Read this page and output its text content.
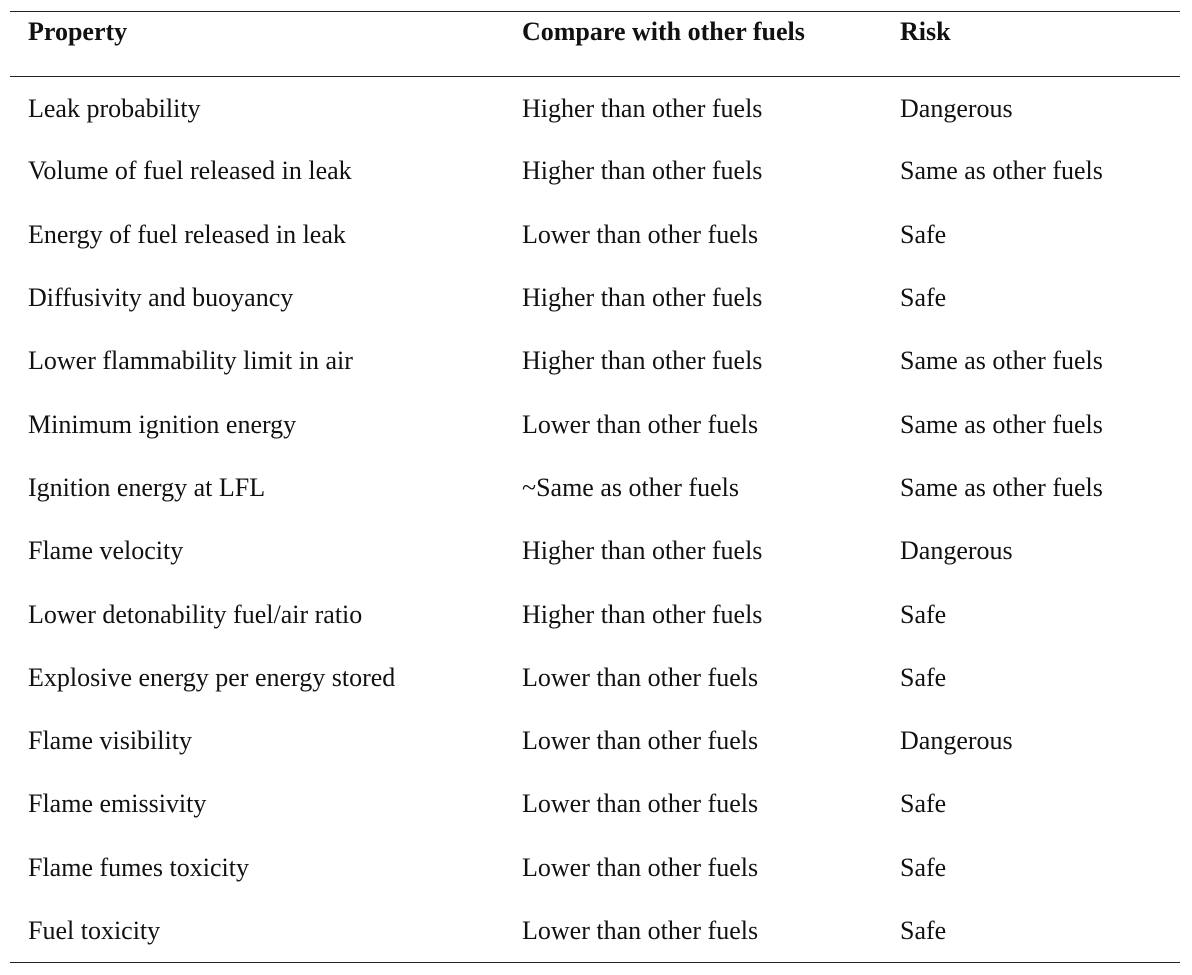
Property	Compare with other fuels	Risk
Leak probability	Higher than other fuels	Dangerous
Volume of fuel released in leak	Higher than other fuels	Same as other fuels
Energy of fuel released in leak	Lower than other fuels	Safe
Diffusivity and buoyancy	Higher than other fuels	Safe
Lower flammability limit in air	Higher than other fuels	Same as other fuels
Minimum ignition energy	Lower than other fuels	Same as other fuels
Ignition energy at LFL	~Same as other fuels	Same as other fuels
Flame velocity	Higher than other fuels	Dangerous
Lower detonability fuel/air ratio	Higher than other fuels	Safe
Explosive energy per energy stored	Lower than other fuels	Safe
Flame visibility	Lower than other fuels	Dangerous
Flame emissivity	Lower than other fuels	Safe
Flame fumes toxicity	Lower than other fuels	Safe
Fuel toxicity	Lower than other fuels	Safe
